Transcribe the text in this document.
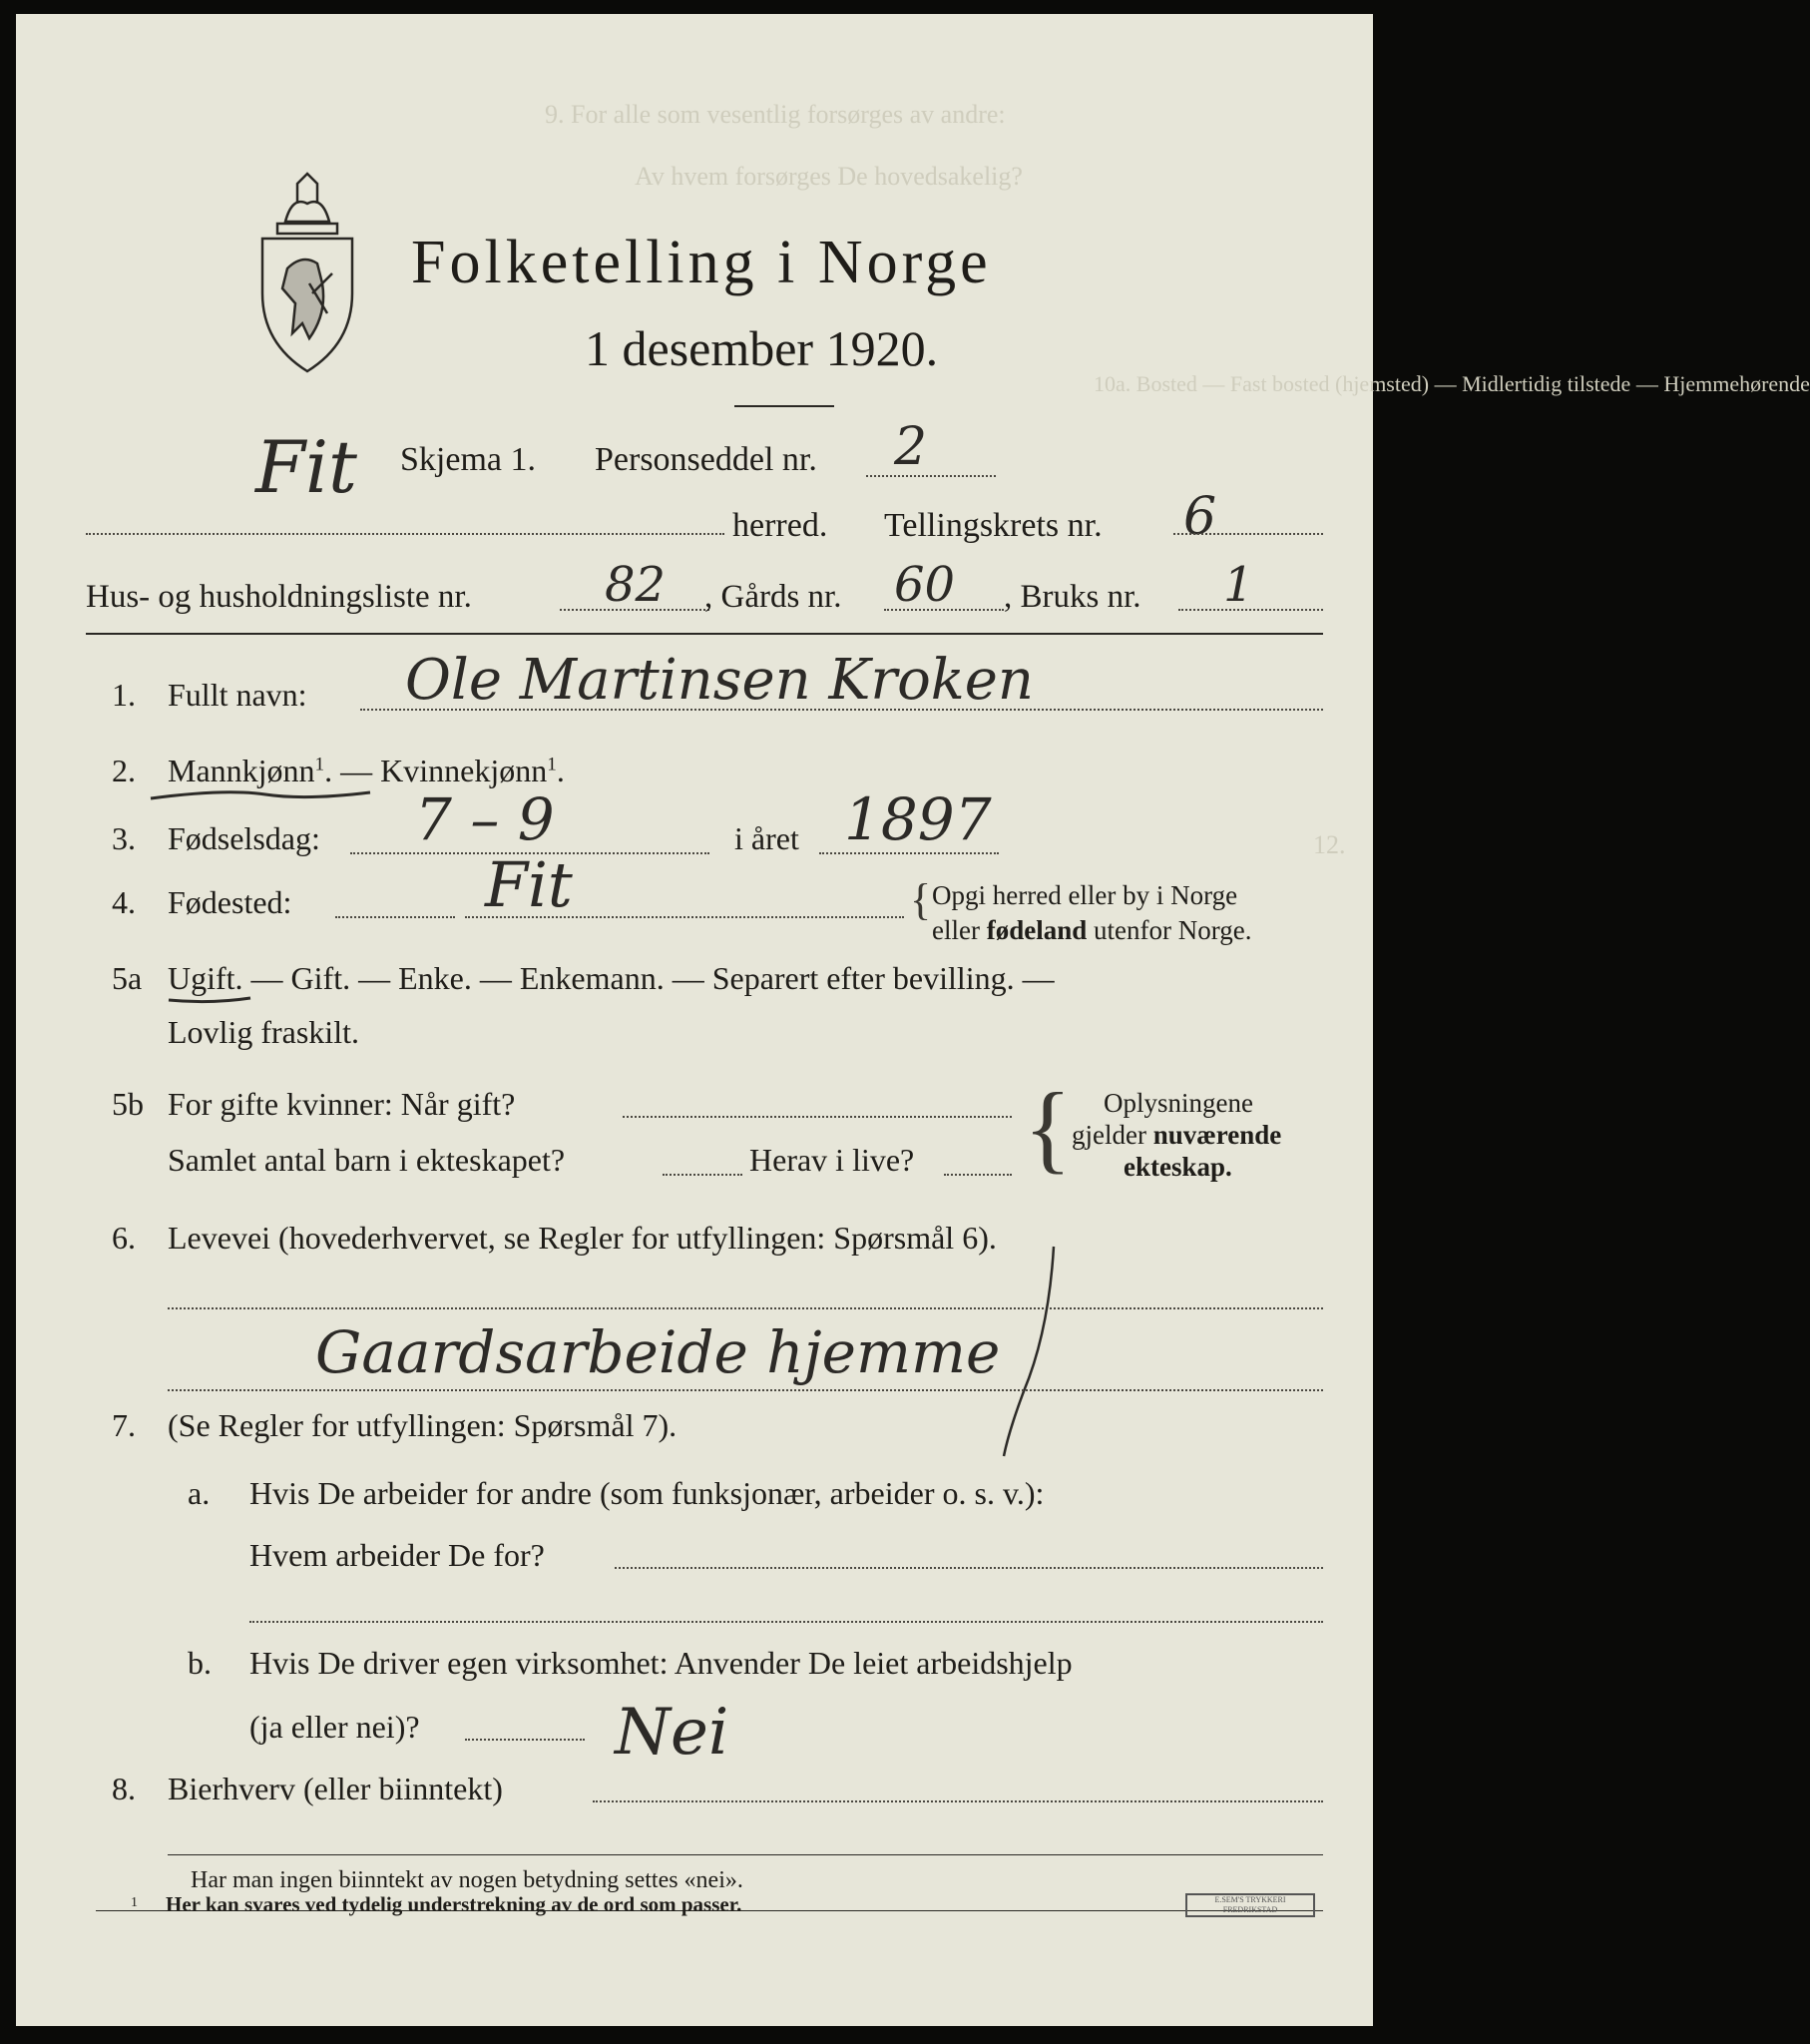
9. For alle som vesentlig forsørges av andre:
Av hvem forsørges De hovedsakelig?
10a. Bosted — Fast bosted (hjemsted) — Midlertidig tilstede — Hjemmehørende
12.
Folketelling i Norge
1 desember 1920.
Fit Skjema 1. Personseddel nr. 2
herred. Tellingskrets nr. 6
Hus- og husholdningsliste nr.	82 , Gårds nr. 60 , Bruks nr. 1
1. Fullt navn: Ole Martinsen Kroken
2. Mannkjønn$^1$. — Kvinnekjønn$^1$.
3. Fødselsdag: 7 – 9	i året 1897
4. Fødested:	Fit	{ Opgi herred eller by i Norge
eller fødeland utenfor Norge.
5a Ugift. — Gift. — Enke. — Enkemann. — Separert efter bevilling. —
Lovlig fraskilt.
5b For gifte kvinner: Når gift?
Samlet antal barn i ekteskapet?	Herav i live? { Oplysningene
gjelder nuværende
ekteskap.
6. Levevei (hovederhvervet, se Regler for utfyllingen: Spørsmål 6).
Gaardsarbeide hjemme
7. (Se Regler for utfyllingen: Spørsmål 7).
a. Hvis De arbeider for andre (som funksjonær, arbeider o. s. v.):
Hvem arbeider De for?
b. Hvis De driver egen virksomhet: Anvender De leiet arbeidshjelp
(ja eller nei)?	Nei
8. Bierhverv (eller biinntekt)
Har man ingen biinntekt av nogen betydning settes «nei».
1 Her kan svares ved tydelig understrekning av de ord som passer.	E.SEM'S TRYKKERI
FREDRIKSTAD
